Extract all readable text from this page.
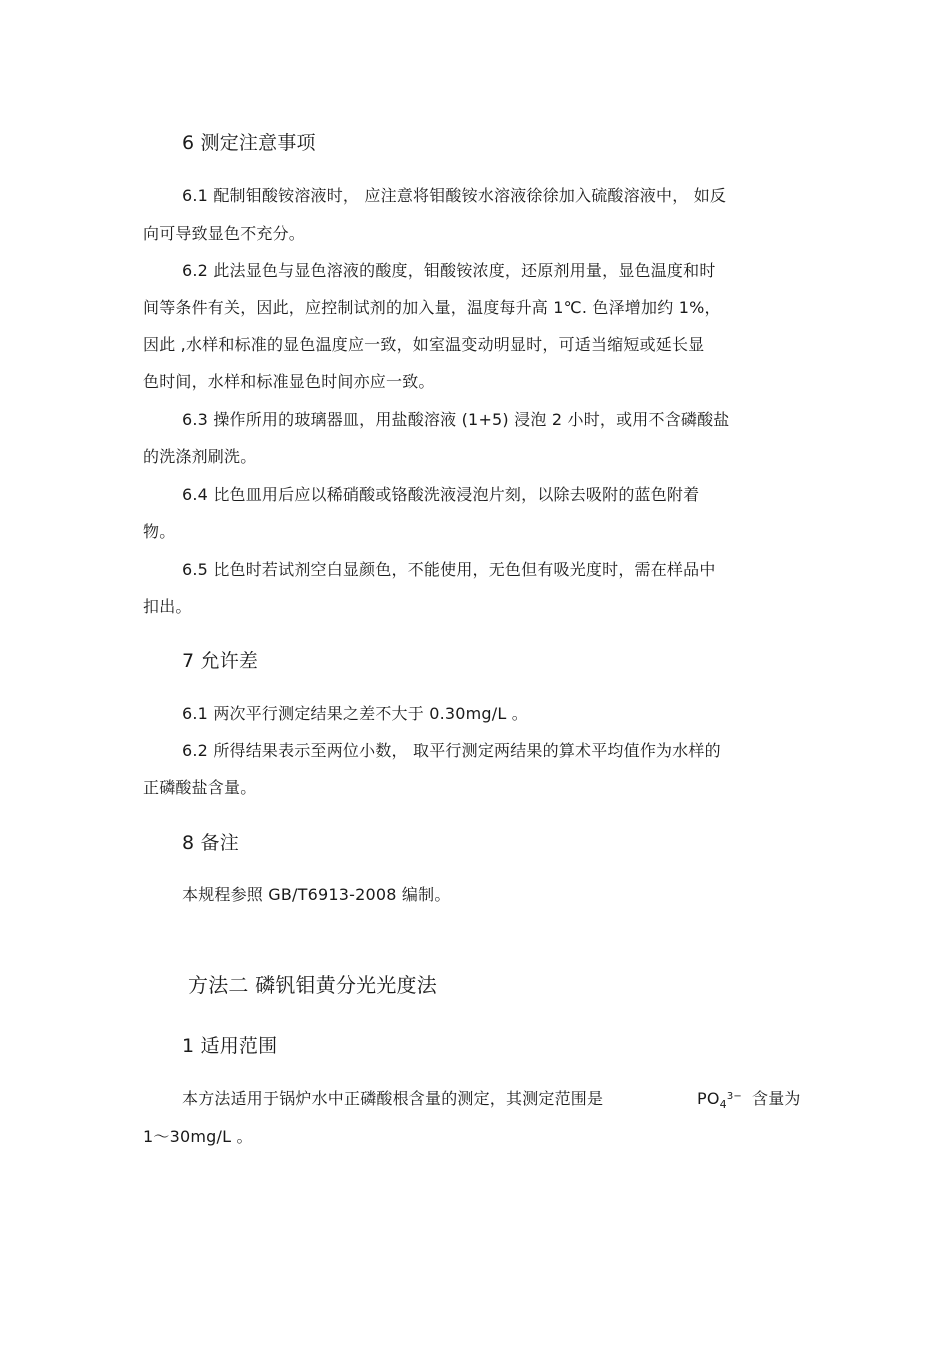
6 测定注意事项
6.1 配制钼酸铵溶液时， 应注意将钼酸铵水溶液徐徐加入硫酸溶液中， 如反
向可导致显色不充分。
6.2 此法显色与显色溶液的酸度，钼酸铵浓度，还原剂用量，显色温度和时
间等条件有关，因此，应控制试剂的加入量，温度每升高 1℃. 色泽增加约 1%，
因此 ,水样和标准的显色温度应一致，如室温变动明显时，可适当缩短或延长显
色时间，水样和标准显色时间亦应一致。
6.3 操作所用的玻璃器皿，用盐酸溶液 (1+5) 浸泡 2 小时，或用不含磷酸盐
的洗涤剂刷洗。
6.4 比色皿用后应以稀硝酸或铬酸洗液浸泡片刻，以除去吸附的蓝色附着
物。
6.5 比色时若试剂空白显颜色，不能使用，无色但有吸光度时，需在样品中
扣出。
7 允许差
6.1 两次平行测定结果之差不大于 0.30mg/L 。
6.2 所得结果表示至两位小数， 取平行测定两结果的算术平均值作为水样的
正磷酸盐含量。
8 备注
本规程参照 GB/T6913-2008 编制。
方法二 磷钒钼黄分光光度法
1 适用范围
本方法适用于锅炉水中正磷酸根含量的测定，其测定范围是	$PO_4^{3-}$ 含量为
1～30mg/L 。
